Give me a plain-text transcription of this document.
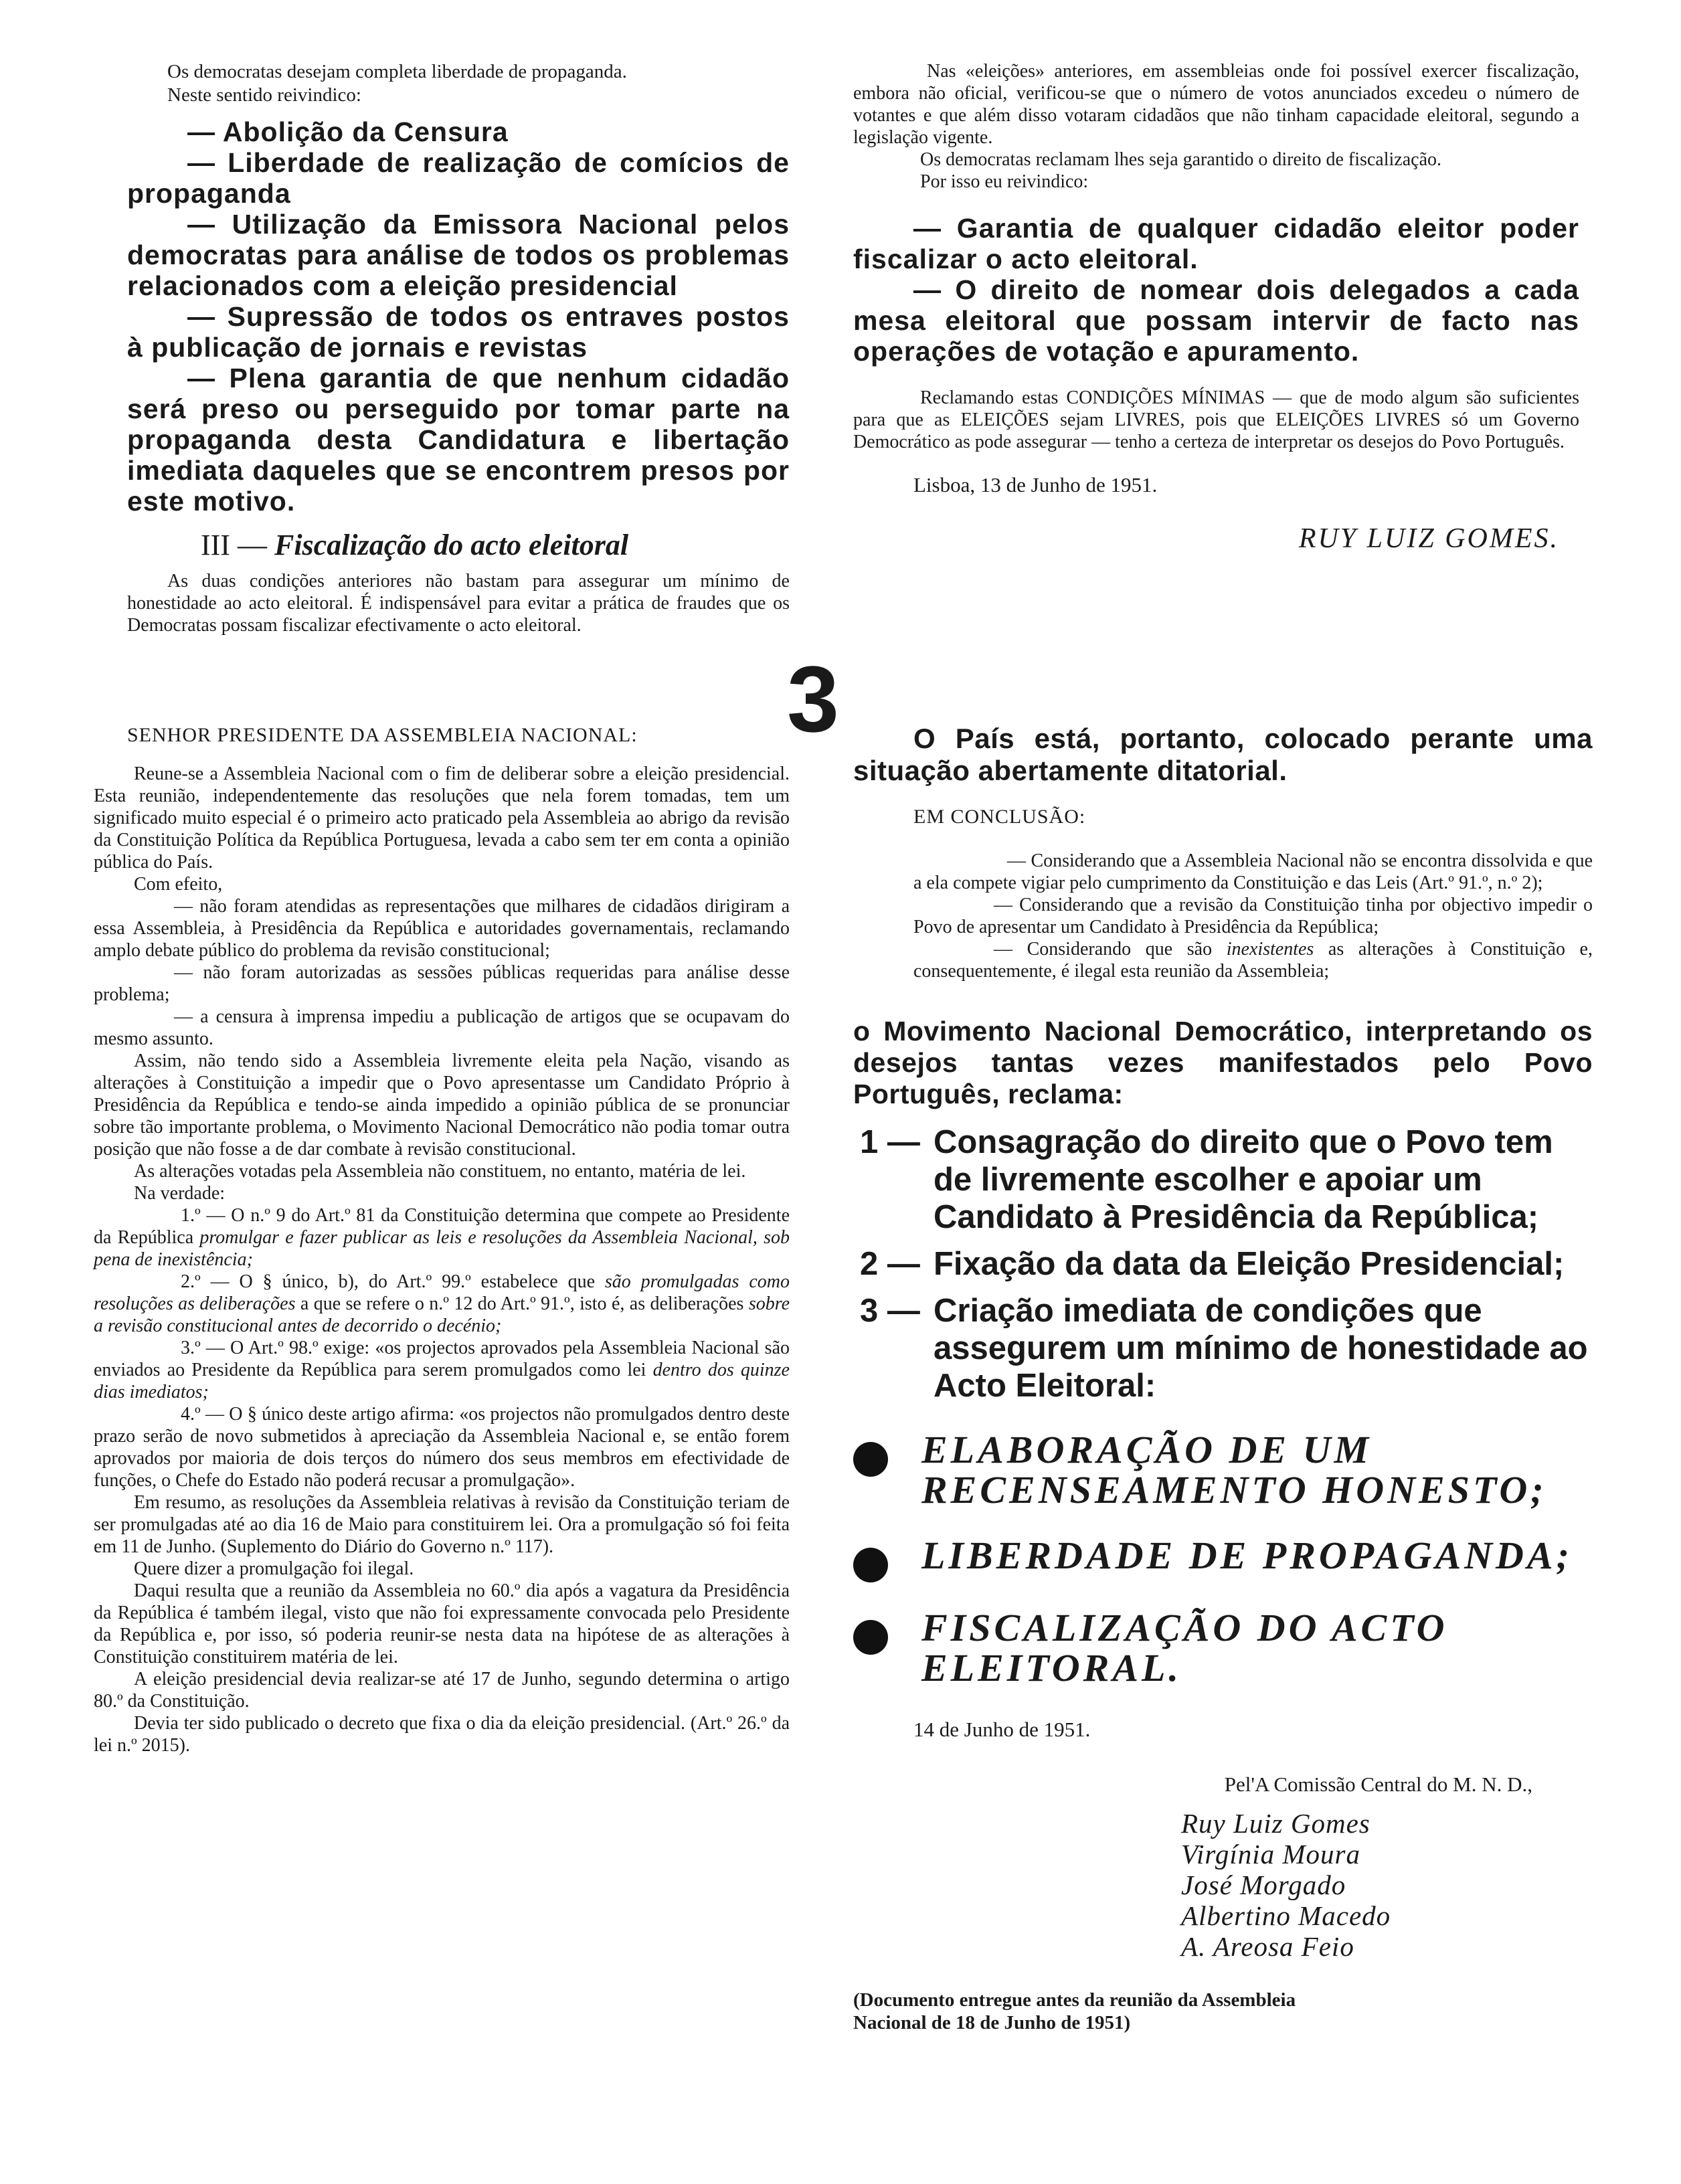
Os democratas desejam completa liberdade de propaganda.

Neste sentido reivindico:

— Abolição da Censura

— Liberdade de realização de comícios de propaganda

— Utilização da Emissora Nacional pelos democratas para análise de todos os problemas relacionados com a eleição presidencial

— Supressão de todos os entraves postos à publicação de jornais e revistas

— Plena garantia de que nenhum cidadão será preso ou perseguido por tomar parte na propaganda desta Candidatura e libertação imediata daqueles que se encontrem presos por este motivo.

III — Fiscalização do acto eleitoral

As duas condições anteriores não bastam para assegurar um mínimo de honestidade ao acto eleitoral. É indispensável para evitar a prática de fraudes que os Democratas possam fiscalizar efectivamente o acto eleitoral.

Nas «eleições» anteriores, em assembleias onde foi possível exercer fiscalização, embora não oficial, verificou-se que o número de votos anunciados excedeu o número de votantes e que além disso votaram cidadãos que não tinham capacidade eleitoral, segundo a legislação vigente.

Os democratas reclamam lhes seja garantido o direito de fiscalização.

Por isso eu reivindico:

— Garantia de qualquer cidadão eleitor poder fiscalizar o acto eleitoral.

— O direito de nomear dois delegados a cada mesa eleitoral que possam intervir de facto nas operações de votação e apuramento.

Reclamando estas CONDIÇÕES MÍNIMAS — que de modo algum são suficientes para que as ELEIÇÕES sejam LIVRES, pois que ELEIÇÕES LIVRES só um Governo Democrático as pode assegurar — tenho a certeza de interpretar os desejos do Povo Português.

Lisboa, 13 de Junho de 1951.

RUY LUIZ GOMES.

3

SENHOR PRESIDENTE DA ASSEMBLEIA NACIONAL:

Reune-se a Assembleia Nacional com o fim de deliberar sobre a eleição presidencial. Esta reunião, independentemente das resoluções que nela forem tomadas, tem um significado muito especial é o primeiro acto praticado pela Assembleia ao abrigo da revisão da Constituição Política da República Portuguesa, levada a cabo sem ter em conta a opinião pública do País.

Com efeito,

— não foram atendidas as representações que milhares de cidadãos dirigiram a essa Assembleia, à Presidência da República e autoridades governamentais, reclamando amplo debate público do problema da revisão constitucional;

— não foram autorizadas as sessões públicas requeridas para análise desse problema;

— a censura à imprensa impediu a publicação de artigos que se ocupavam do mesmo assunto.

Assim, não tendo sido a Assembleia livremente eleita pela Nação, visando as alterações à Constituição a impedir que o Povo apresentasse um Candidato Próprio à Presidência da República e tendo-se ainda impedido a opinião pública de se pronunciar sobre tão importante problema, o Movimento Nacional Democrático não podia tomar outra posição que não fosse a de dar combate à revisão constitucional.

As alterações votadas pela Assembleia não constituem, no entanto, matéria de lei.

Na verdade:

1.º — O n.º 9 do Art.º 81 da Constituição determina que compete ao Presidente da República promulgar e fazer publicar as leis e resoluções da Assembleia Nacional, sob pena de inexistência;

2.º — O § único, b), do Art.º 99.º estabelece que são promulgadas como resoluções as deliberações a que se refere o n.º 12 do Art.º 91.º, isto é, as deliberações sobre a revisão constitucional antes de decorrido o decénio;

3.º — O Art.º 98.º exige: «os projectos aprovados pela Assembleia Nacional são enviados ao Presidente da República para serem promulgados como lei dentro dos quinze dias imediatos;

4.º — O § único deste artigo afirma: «os projectos não promulgados dentro deste prazo serão de novo submetidos à apreciação da Assembleia Nacional e, se então forem aprovados por maioria de dois terços do número dos seus membros em efectividade de funções, o Chefe do Estado não poderá recusar a promulgação».

Em resumo, as resoluções da Assembleia relativas à revisão da Constituição teriam de ser promulgadas até ao dia 16 de Maio para constituirem lei. Ora a promulgação só foi feita em 11 de Junho. (Suplemento do Diário do Governo n.º 117).

Quere dizer a promulgação foi ilegal.

Daqui resulta que a reunião da Assembleia no 60.º dia após a vagatura da Presidência da República é também ilegal, visto que não foi expressamente convocada pelo Presidente da República e, por isso, só poderia reunir-se nesta data na hipótese de as alterações à Constituição constituirem matéria de lei.

A eleição presidencial devia realizar-se até 17 de Junho, segundo determina o artigo 80.º da Constituição.

Devia ter sido publicado o decreto que fixa o dia da eleição presidencial. (Art.º 26.º da lei n.º 2015).

O País está, portanto, colocado perante uma situação abertamente ditatorial.

EM CONCLUSÃO:

— Considerando que a Assembleia Nacional não se encontra dissolvida e que a ela compete vigiar pelo cumprimento da Constituição e das Leis (Art.º 91.º, n.º 2);

— Considerando que a revisão da Constituição tinha por objectivo impedir o Povo de apresentar um Candidato à Presidência da República;

— Considerando que são inexistentes as alterações à Constituição e, consequentemente, é ilegal esta reunião da Assembleia;

o Movimento Nacional Democrático, interpretando os desejos tantas vezes manifestados pelo Povo Português, reclama:

1 — Consagração do direito que o Povo tem de livremente escolher e apoiar um Candidato à Presidência da República;
2 — Fixação da data da Eleição Presidencial;
3 — Criação imediata de condições que assegurem um mínimo de honestidade ao Acto Eleitoral:
ELABORAÇÃO DE UM RECENSEAMENTO HONESTO;
LIBERDADE DE PROPAGANDA;
FISCALIZAÇÃO DO ACTO ELEITORAL.

14 de Junho de 1951.

Pel'A Comissão Central do M. N. D.,

Ruy Luiz Gomes

Virgínia Moura

José Morgado

Albertino Macedo

A. Areosa Feio

(Documento entregue antes da reunião da Assembleia Nacional de 18 de Junho de 1951)
